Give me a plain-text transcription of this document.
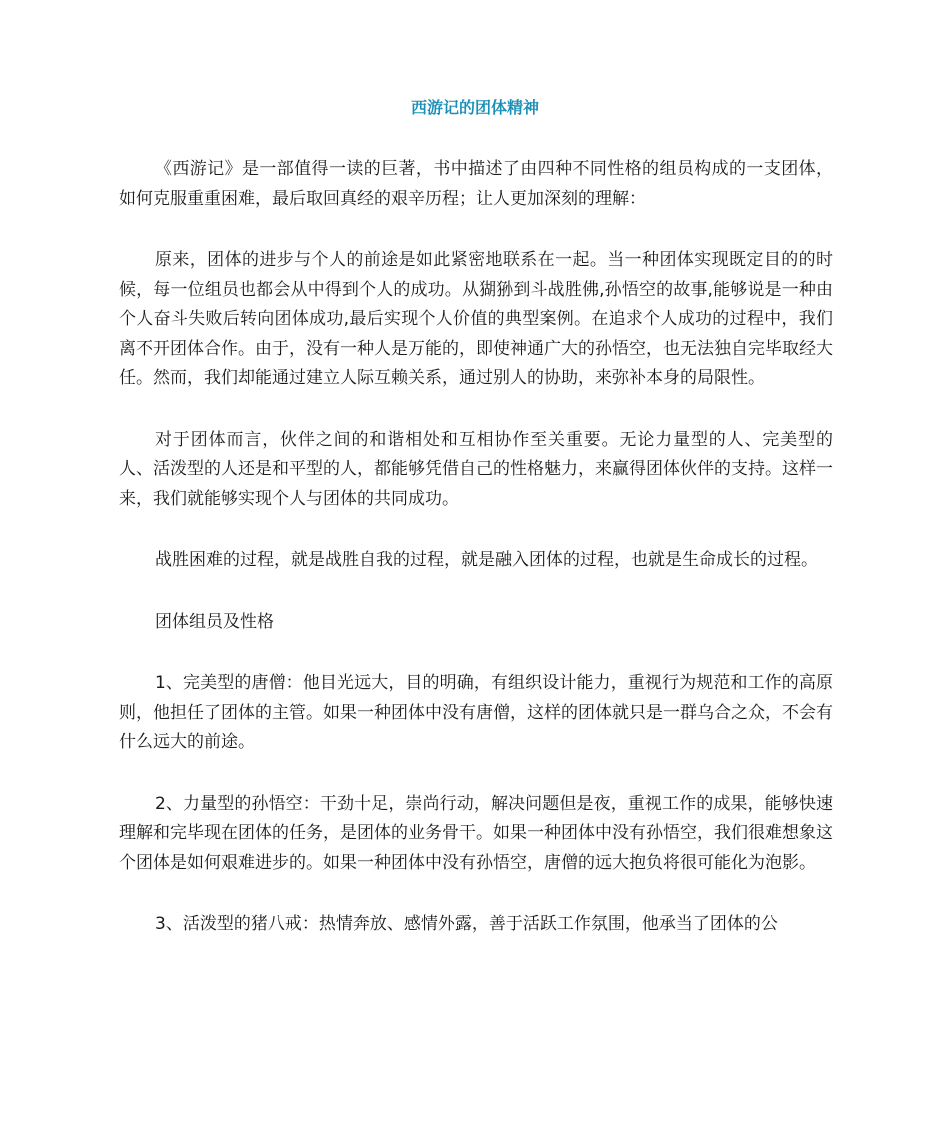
西游记的团体精神

《西游记》是一部值得一读的巨著，书中描述了由四种不同性格的组员构成的一支团体，如何克服重重困难，最后取回真经的艰辛历程；让人更加深刻的理解：

原来，团体的进步与个人的前途是如此紧密地联系在一起。当一种团体实现既定目的的时候，每一位组员也都会从中得到个人的成功。从猢狲到斗战胜佛,孙悟空的故事,能够说是一种由个人奋斗失败后转向团体成功,最后实现个人价值的典型案例。在追求个人成功的过程中，我们离不开团体合作。由于，没有一种人是万能的，即使神通广大的孙悟空，也无法独自完毕取经大任。然而，我们却能通过建立人际互赖关系，通过别人的协助，来弥补本身的局限性。

对于团体而言，伙伴之间的和谐相处和互相协作至关重要。无论力量型的人、完美型的人、活泼型的人还是和平型的人，都能够凭借自己的性格魅力，来赢得团体伙伴的支持。这样一来，我们就能够实现个人与团体的共同成功。

战胜困难的过程，就是战胜自我的过程，就是融入团体的过程，也就是生命成长的过程。

团体组员及性格

1、完美型的唐僧：他目光远大，目的明确，有组织设计能力，重视行为规范和工作的高原则，他担任了团体的主管。如果一种团体中没有唐僧，这样的团体就只是一群乌合之众，不会有什么远大的前途。

2、力量型的孙悟空：干劲十足，崇尚行动，解决问题但是夜，重视工作的成果，能够快速理解和完毕现在团体的任务，是团体的业务骨干。如果一种团体中没有孙悟空，我们很难想象这个团体是如何艰难进步的。如果一种团体中没有孙悟空，唐僧的远大抱负将很可能化为泡影。

3、活泼型的猪八戒：热情奔放、感情外露，善于活跃工作氛围，他承当了团体的公
